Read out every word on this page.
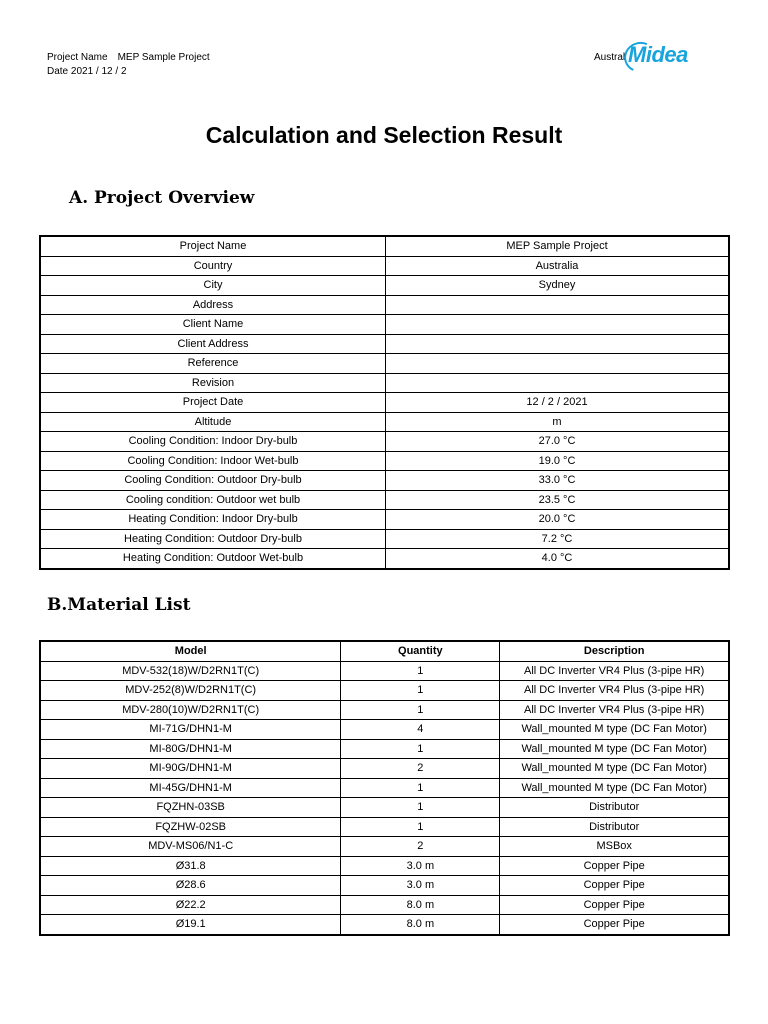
Project Name MEP Sample Project
Date 2021 / 12 / 2
Austral Midea
Calculation and Selection Result
A. Project Overview
Project Name	MEP Sample Project
Country	Australia
City	Sydney
Address	
Client Name	
Client Address	
Reference	
Revision	
Project Date	12 / 2 / 2021
Altitude	m
Cooling Condition: Indoor Dry-bulb	27.0 °C
Cooling Condition: Indoor Wet-bulb	19.0 °C
Cooling Condition: Outdoor Dry-bulb	33.0 °C
Cooling condition: Outdoor wet bulb	23.5 °C
Heating Condition: Indoor Dry-bulb	20.0 °C
Heating Condition: Outdoor Dry-bulb	7.2 °C
Heating Condition: Outdoor Wet-bulb	4.0 °C
B.Material List
Model	Quantity	Description
MDV-532(18)W/D2RN1T(C)	1	All DC Inverter VR4 Plus (3-pipe HR)
MDV-252(8)W/D2RN1T(C)	1	All DC Inverter VR4 Plus (3-pipe HR)
MDV-280(10)W/D2RN1T(C)	1	All DC Inverter VR4 Plus (3-pipe HR)
MI-71G/DHN1-M	4	Wall_mounted M type (DC Fan Motor)
MI-80G/DHN1-M	1	Wall_mounted M type (DC Fan Motor)
MI-90G/DHN1-M	2	Wall_mounted M type (DC Fan Motor)
MI-45G/DHN1-M	1	Wall_mounted M type (DC Fan Motor)
FQZHN-03SB	1	Distributor
FQZHW-02SB	1	Distributor
MDV-MS06/N1-C	2	MSBox
Ø31.8	3.0 m	Copper Pipe
Ø28.6	3.0 m	Copper Pipe
Ø22.2	8.0 m	Copper Pipe
Ø19.1	8.0 m	Copper Pipe
